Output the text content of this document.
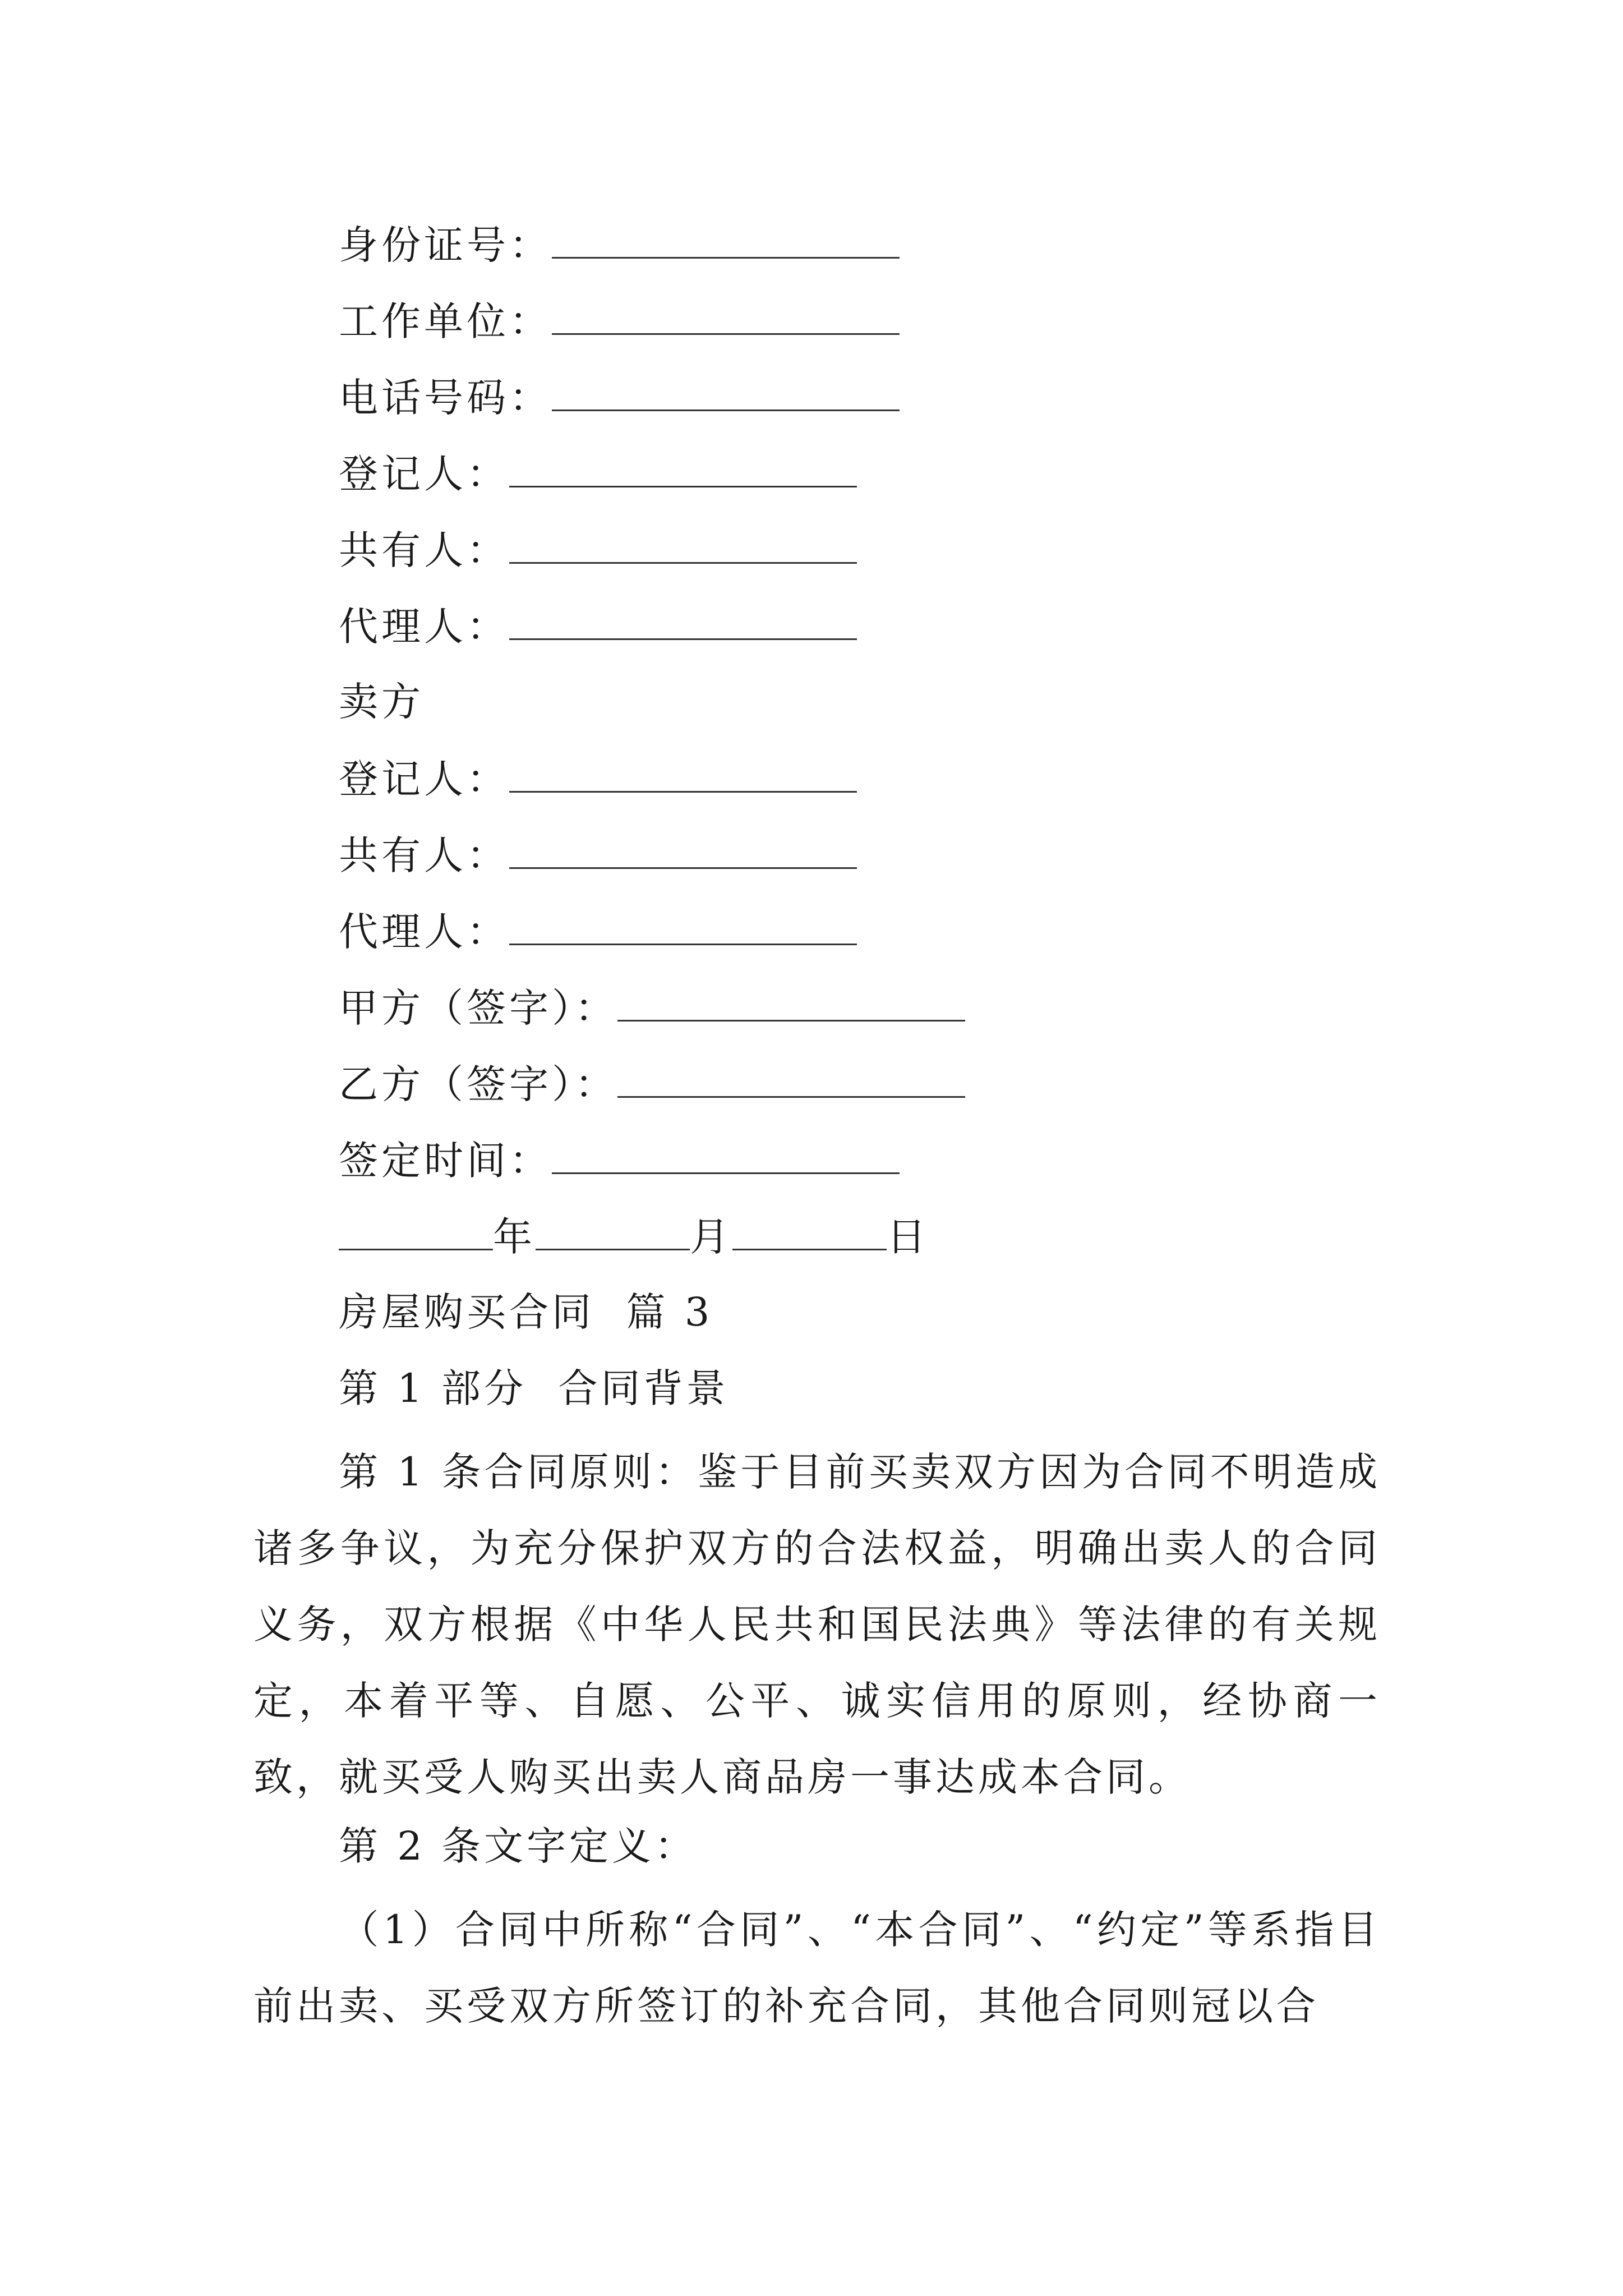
身份证号：
工作单位：
电话号码：
登记人：
共有人：
代理人：
卖方
登记人：
共有人：
代理人：
甲方（签字）：
乙方（签字）：
签定时间：
年	月	日
房屋购买合同  篇 3
第 1 部分  合同背景
第 1 条合同原则：鉴于目前买卖双方因为合同不明造成诸多争议，为充分保护双方的合法权益，明确出卖人的合同义务，双方根据《中华人民共和国民法典》等法律的有关规定，本着平等、自愿、公平、诚实信用的原则，经协商一致，就买受人购买出卖人商品房一事达成本合同。
第 2 条文字定义：
（1）合同中所称“合同”、“本合同”、“约定”等系指目前出卖、买受双方所签订的补充合同，其他合同则冠以合
